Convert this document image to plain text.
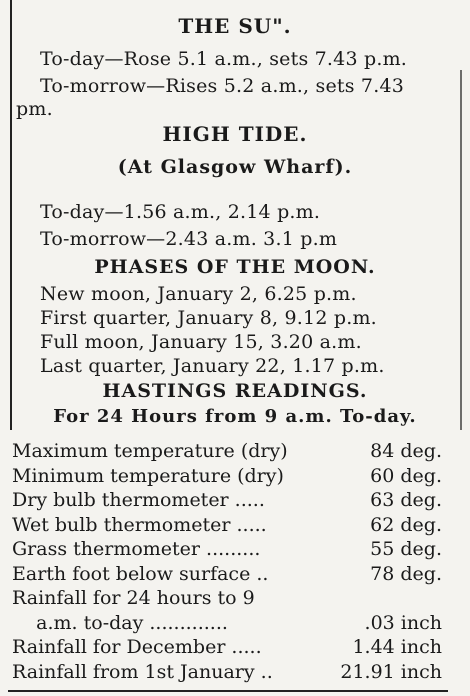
THE SU".
To-day—Rose 5.1 a.m., sets 7.43 p.m.
To-morrow—Rises 5.2 a.m., sets 7.43
pm.
HIGH TIDE.
(At Glasgow Wharf).
To-day—1.56 a.m., 2.14 p.m.
To-morrow—2.43 a.m. 3.1 p.m
PHASES OF THE MOON.
New moon, January 2, 6.25 p.m.
First quarter, January 8, 9.12 p.m.
Full moon, January 15, 3.20 a.m.
Last quarter, January 22, 1.17 p.m.
HASTINGS READINGS.
For 24 Hours from 9 a.m. To-day.
Maximum temperature (dry)	84 deg.
Minimum temperature (dry)	60 deg.
Dry bulb thermometer .....	63 deg.
Wet bulb thermometer .....	62 deg.
Grass thermometer .........	55 deg.
Earth foot below surface ..	78 deg.
Rainfall for 24 hours to 9
a.m. to-day .............	.03 inch
Rainfall for December .....	1.44 inch
Rainfall from 1st January ..	21.91 inch
